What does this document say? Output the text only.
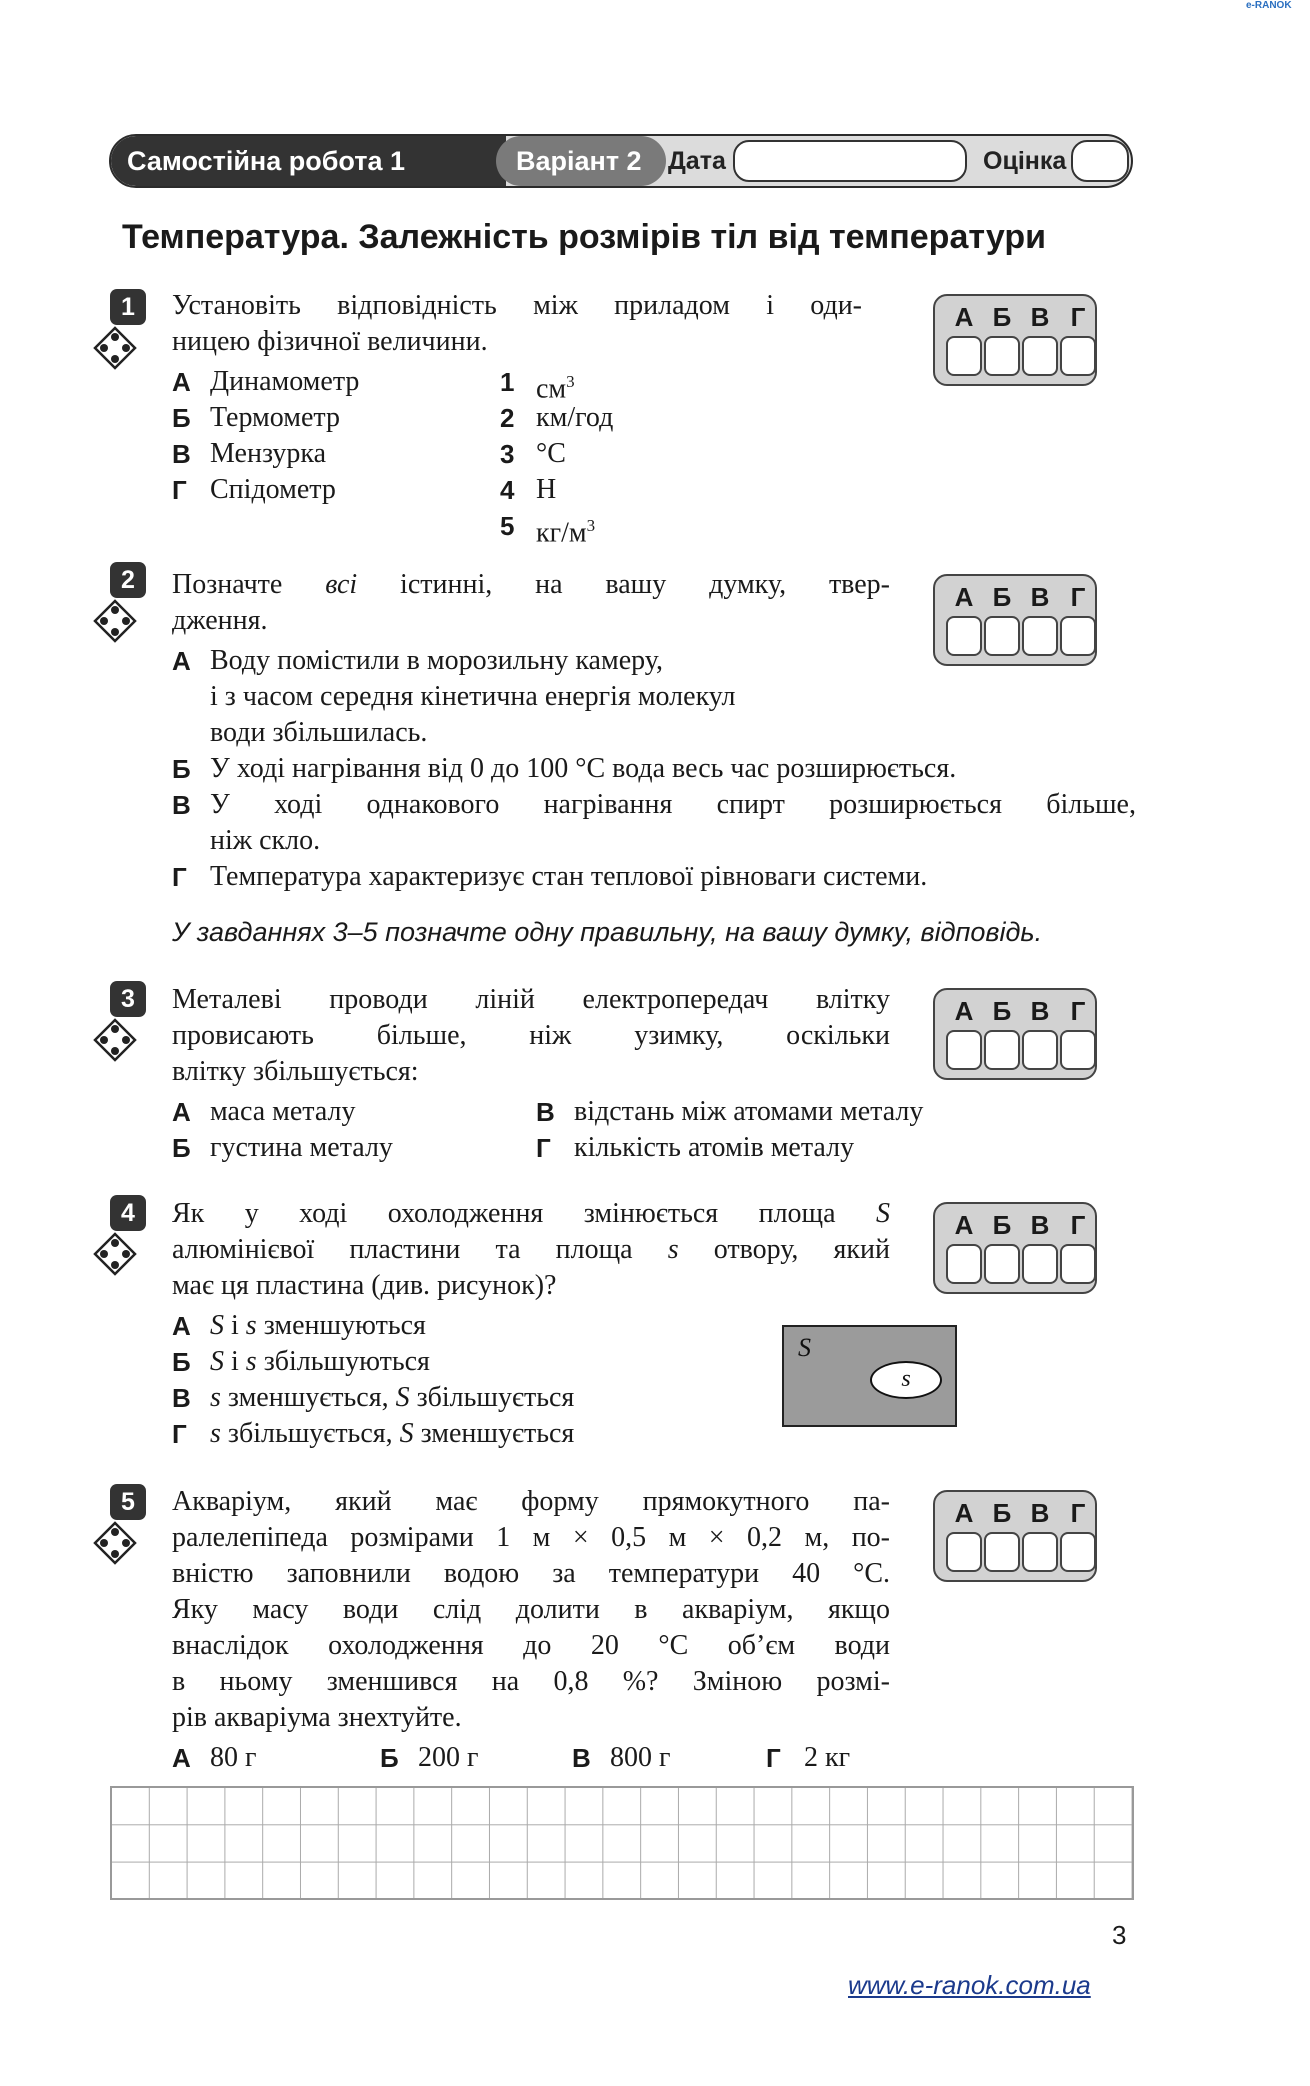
e-RANOK
Самостійна робота 1	Варіант 2	Дата	Оцінка
Температура. Залежність розмірів тіл від температури
1
2
3
4
5
А Б В Г
А Б В Г
А Б В Г
А Б В Г
А Б В Г
Установіть відповідність між приладом і оди-
ницею фізичної величини.
А Динамометр
Б Термометр
В Мензурка
Г Спідометр
1 $см^3$
2 км/год
3 °С
4 Н
5 $кг/м^3$
Позначте всі істинні, на вашу думку, твер-
дження.
А Воду помістили в морозильну камеру,
і з часом середня кінетична енергія молекул
води збільшилась.
Б У ході нагрівання від 0 до 100 °С вода весь час розширюється.
В У ході однакового нагрівання спирт розширюється більше,
ніж скло.
Г Температура характеризує стан теплової рівноваги системи.
У завданнях 3–5 позначте одну правильну, на вашу думку, відповідь.
Металеві проводи ліній електропередач влітку
провисають більше, ніж узимку, оскільки
влітку збільшується:
А маса металу
Б густина металу
В відстань між атомами металу
Г кількість атомів металу
Як у ході охолодження змінюється площа S
алюмінієвої пластини та площа s отвору, який
має ця пластина (див. рисунок)?
А S і s зменшуються
Б S і s збільшуються
В s зменшується, S збільшується
Г s збільшується, S зменшується
S
s
Акваріум, який має форму прямокутного па-
ралелепіпеда розмірами 1 м × 0,5 м × 0,2 м, по-
вністю заповнили водою за температури 40 °С.
Яку масу води слід долити в акваріум, якщо
внаслідок охолодження до 20 °С об’єм води
в ньому зменшився на 0,8 %? Зміною розмі-
рів акваріума знехтуйте.
А 80 г	Б 200 г	В 800 г	Г 2 кг
3
www.e-ranok.com.ua
